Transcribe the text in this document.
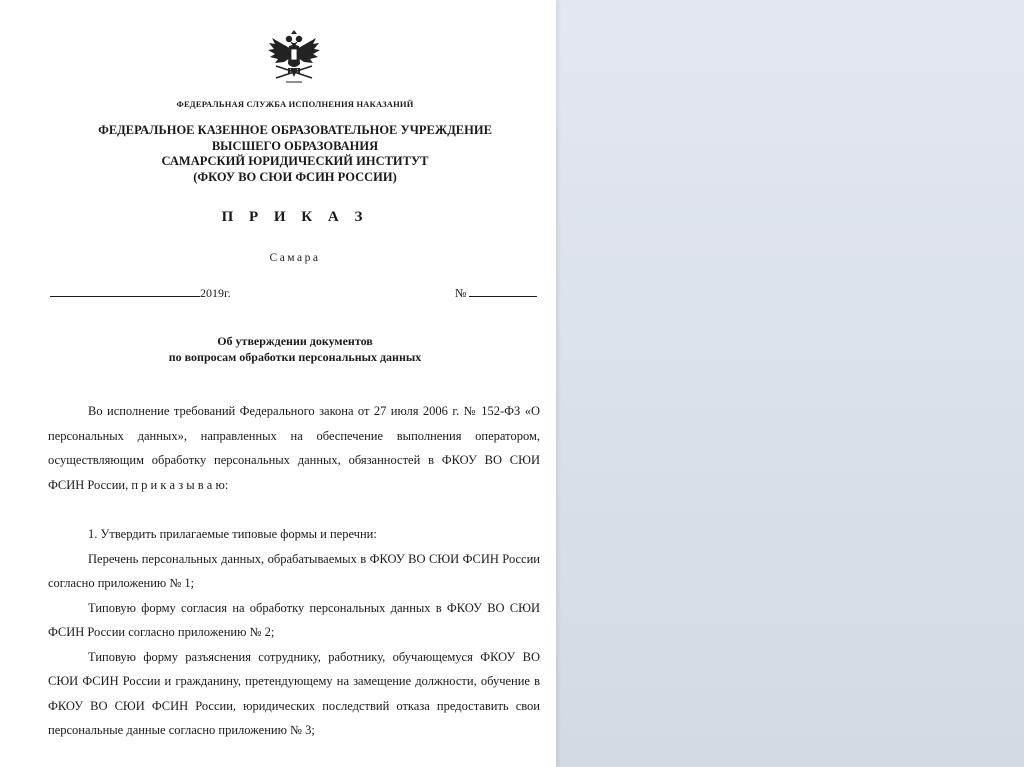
ФЕДЕРАЛЬНАЯ СЛУЖБА ИСПОЛНЕНИЯ НАКАЗАНИЙ
ФЕДЕРАЛЬНОЕ КАЗЕННОЕ ОБРАЗОВАТЕЛЬНОЕ УЧРЕЖДЕНИЕ
ВЫСШЕГО ОБРАЗОВАНИЯ
САМАРСКИЙ ЮРИДИЧЕСКИЙ ИНСТИТУТ
(ФКОУ ВО СЮИ ФСИН РОССИИ)
П Р И К А З
Самара
2019г.	№
Об утверждении документов
по вопросам обработки персональных данных

Во исполнение требований Федерального закона от 27 июля 2006 г. № 152-ФЗ «О персональных данных», направленных на обеспечение выполнения оператором, осуществляющим обработку персональных данных, обязанностей в ФКОУ ВО СЮИ ФСИН России, п р и к а з ы в а ю:

1. Утвердить прилагаемые типовые формы и перечни:

Перечень персональных данных, обрабатываемых в ФКОУ ВО СЮИ ФСИН России согласно приложению № 1;

Типовую форму согласия на обработку персональных данных в ФКОУ ВО СЮИ ФСИН России согласно приложению № 2;

Типовую форму разъяснения сотруднику, работнику, обучающемуся ФКОУ ВО СЮИ ФСИН России и гражданину, претендующему на замещение должности, обучение в ФКОУ ВО СЮИ ФСИН России, юридических последствий отказа предоставить свои персональные данные согласно приложению № 3;
